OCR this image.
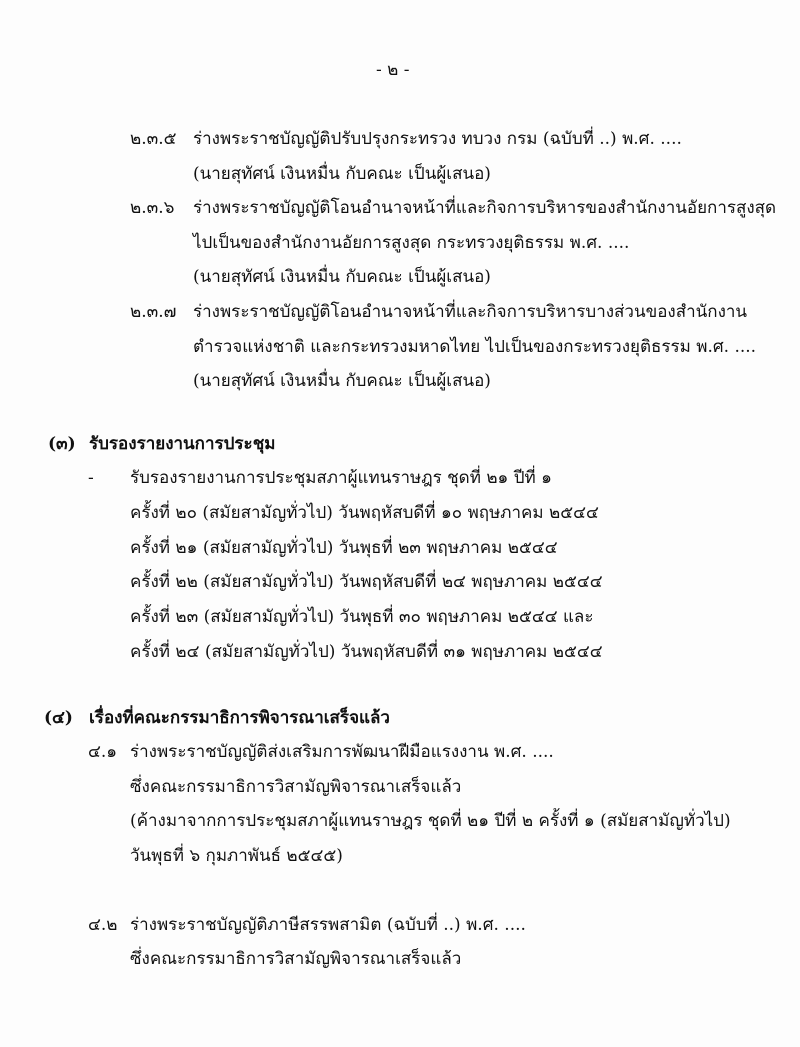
- ๒ -
๒.๓.๕ ร่างพระราชบัญญัติปรับปรุงกระทรวง ทบวง กรม (ฉบับที่ ..) พ.ศ. ....
(นายสุทัศน์ เงินหมื่น กับคณะ เป็นผู้เสนอ)
๒.๓.๖ ร่างพระราชบัญญัติโอนอำนาจหน้าที่และกิจการบริหารของสำนักงานอัยการสูงสุด
ไปเป็นของสำนักงานอัยการสูงสุด กระทรวงยุติธรรม พ.ศ. ....
(นายสุทัศน์ เงินหมื่น กับคณะ เป็นผู้เสนอ)
๒.๓.๗ ร่างพระราชบัญญัติโอนอำนาจหน้าที่และกิจการบริหารบางส่วนของสำนักงาน
ตำรวจแห่งชาติ และกระทรวงมหาดไทย ไปเป็นของกระทรวงยุติธรรม พ.ศ. ....
(นายสุทัศน์ เงินหมื่น กับคณะ เป็นผู้เสนอ)
(๓) รับรองรายงานการประชุม
- รับรองรายงานการประชุมสภาผู้แทนราษฎร ชุดที่ ๒๑ ปีที่ ๑
ครั้งที่ ๒๐ (สมัยสามัญทั่วไป) วันพฤหัสบดีที่ ๑๐ พฤษภาคม ๒๕๔๔
ครั้งที่ ๒๑ (สมัยสามัญทั่วไป) วันพุธที่ ๒๓ พฤษภาคม ๒๕๔๔
ครั้งที่ ๒๒ (สมัยสามัญทั่วไป) วันพฤหัสบดีที่ ๒๔ พฤษภาคม ๒๕๔๔
ครั้งที่ ๒๓ (สมัยสามัญทั่วไป) วันพุธที่ ๓๐ พฤษภาคม ๒๕๔๔ และ
ครั้งที่ ๒๔ (สมัยสามัญทั่วไป) วันพฤหัสบดีที่ ๓๑ พฤษภาคม ๒๕๔๔
(๔) เรื่องที่คณะกรรมาธิการพิจารณาเสร็จแล้ว
๔.๑ ร่างพระราชบัญญัติส่งเสริมการพัฒนาฝีมือแรงงาน พ.ศ. ....
ซึ่งคณะกรรมาธิการวิสามัญพิจารณาเสร็จแล้ว
(ค้างมาจากการประชุมสภาผู้แทนราษฎร ชุดที่ ๒๑ ปีที่ ๒ ครั้งที่ ๑ (สมัยสามัญทั่วไป)
วันพุธที่ ๖ กุมภาพันธ์ ๒๕๔๕)
๔.๒ ร่างพระราชบัญญัติภาษีสรรพสามิต (ฉบับที่ ..) พ.ศ. ....
ซึ่งคณะกรรมาธิการวิสามัญพิจารณาเสร็จแล้ว
